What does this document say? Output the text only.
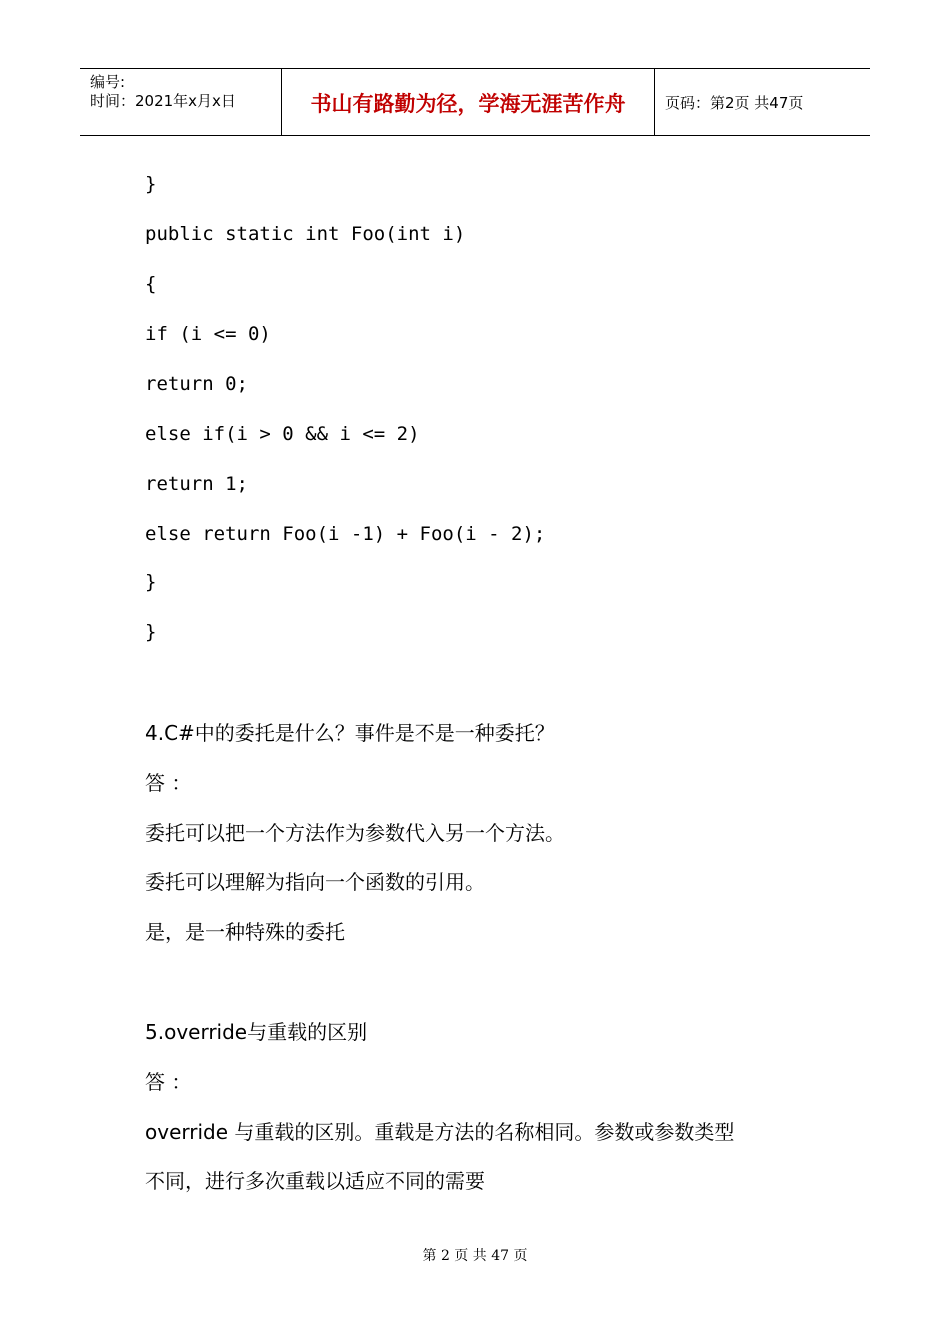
编号:
时间：2021年x月x日	书山有路勤为径，学海无涯苦作舟	页码：第2页 共47页
}
public static int Foo(int i)
{
if (i <= 0)
return 0;
else if(i > 0 && i <= 2)
return 1;
else return Foo(i -1) + Foo(i - 2);
}
}
4.C#中的委托是什么？事件是不是一种委托？
答 ：
委托可以把一个方法作为参数代入另一个方法。
委托可以理解为指向一个函数的引用。
是，是一种特殊的委托
5.override与重载的区别
答 ：
override 与重载的区别。重载是方法的名称相同。参数或参数类型
不同，进行多次重载以适应不同的需要
第 2 页 共 47 页
